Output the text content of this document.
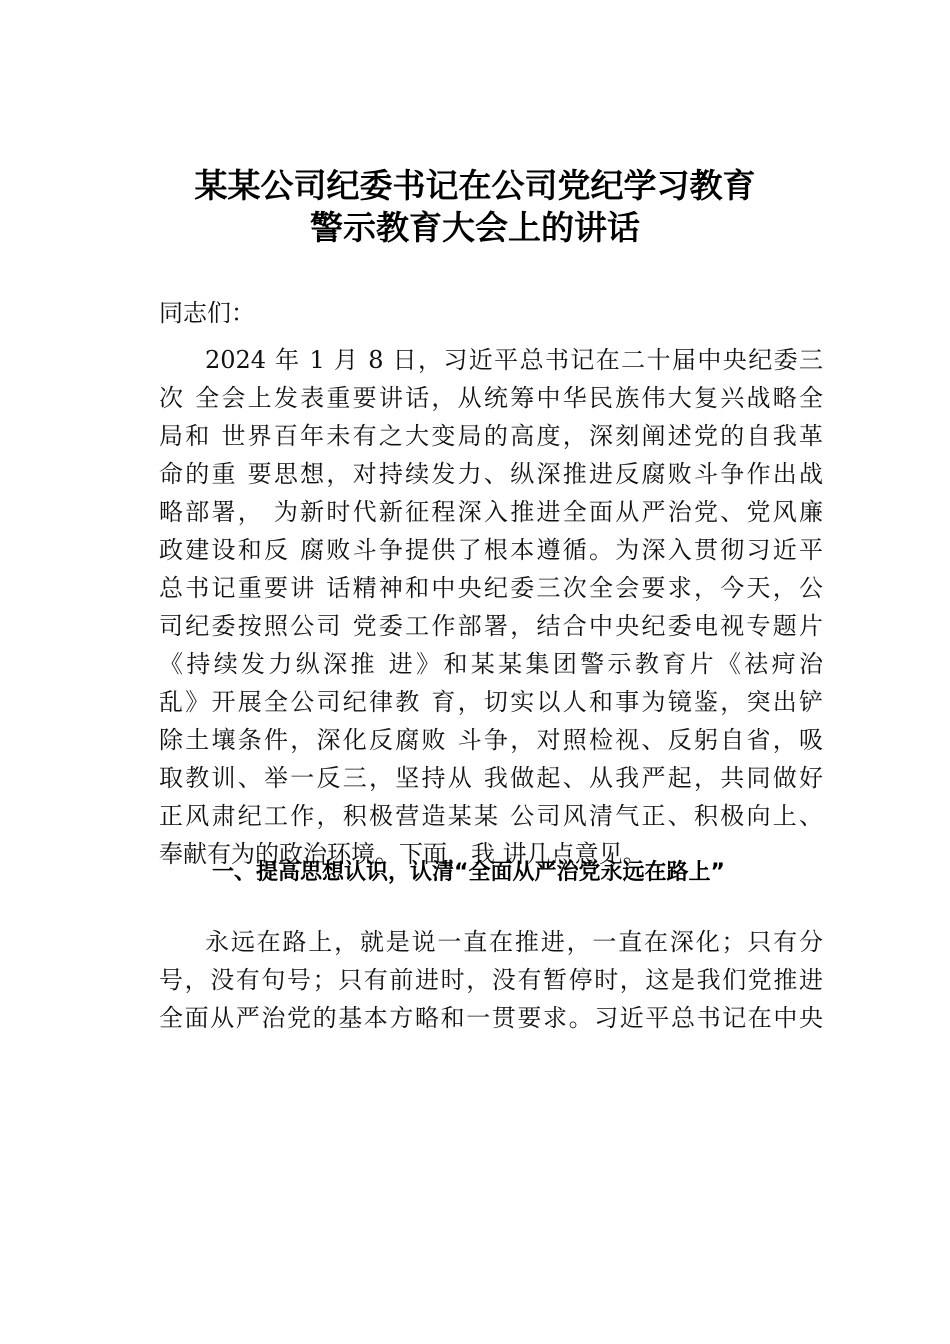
某某公司纪委书记在公司党纪学习教育
警示教育大会上的讲话

同志们：

2024 年 1 月 8 日，习近平总书记在二十届中央纪委三

次 全会上发表重要讲话，从统筹中华民族伟大复兴战略全

局和 世界百年未有之大变局的高度，深刻阐述党的自我革

命的重 要思想，对持续发力、纵深推进反腐败斗争作出战

略部署， 为新时代新征程深入推进全面从严治党、党风廉

政建设和反 腐败斗争提供了根本遵循。为深入贯彻习近平

总书记重要讲 话精神和中央纪委三次全会要求，今天，公

司纪委按照公司 党委工作部署，结合中央纪委电视专题片

《持续发力纵深推 进》和某某集团警示教育片《祛疴治

乱》开展全公司纪律教 育，切实以人和事为镜鉴，突出铲

除土壤条件，深化反腐败 斗争，对照检视、反躬自省，吸

取教训、举一反三，坚持从 我做起、从我严起，共同做好

正风肃纪工作，积极营造某某 公司风清气正、积极向上、

奉献有为的政治环境。下面，我 讲几点意见。

一、提高思想认识，认清“全面从严治党永远在路上”

永远在路上，就是说一直在推进，一直在深化；只有分

号，没有句号；只有前进时，没有暂停时，这是我们党推进

全面从严治党的基本方略和一贯要求。习近平总书记在中央
